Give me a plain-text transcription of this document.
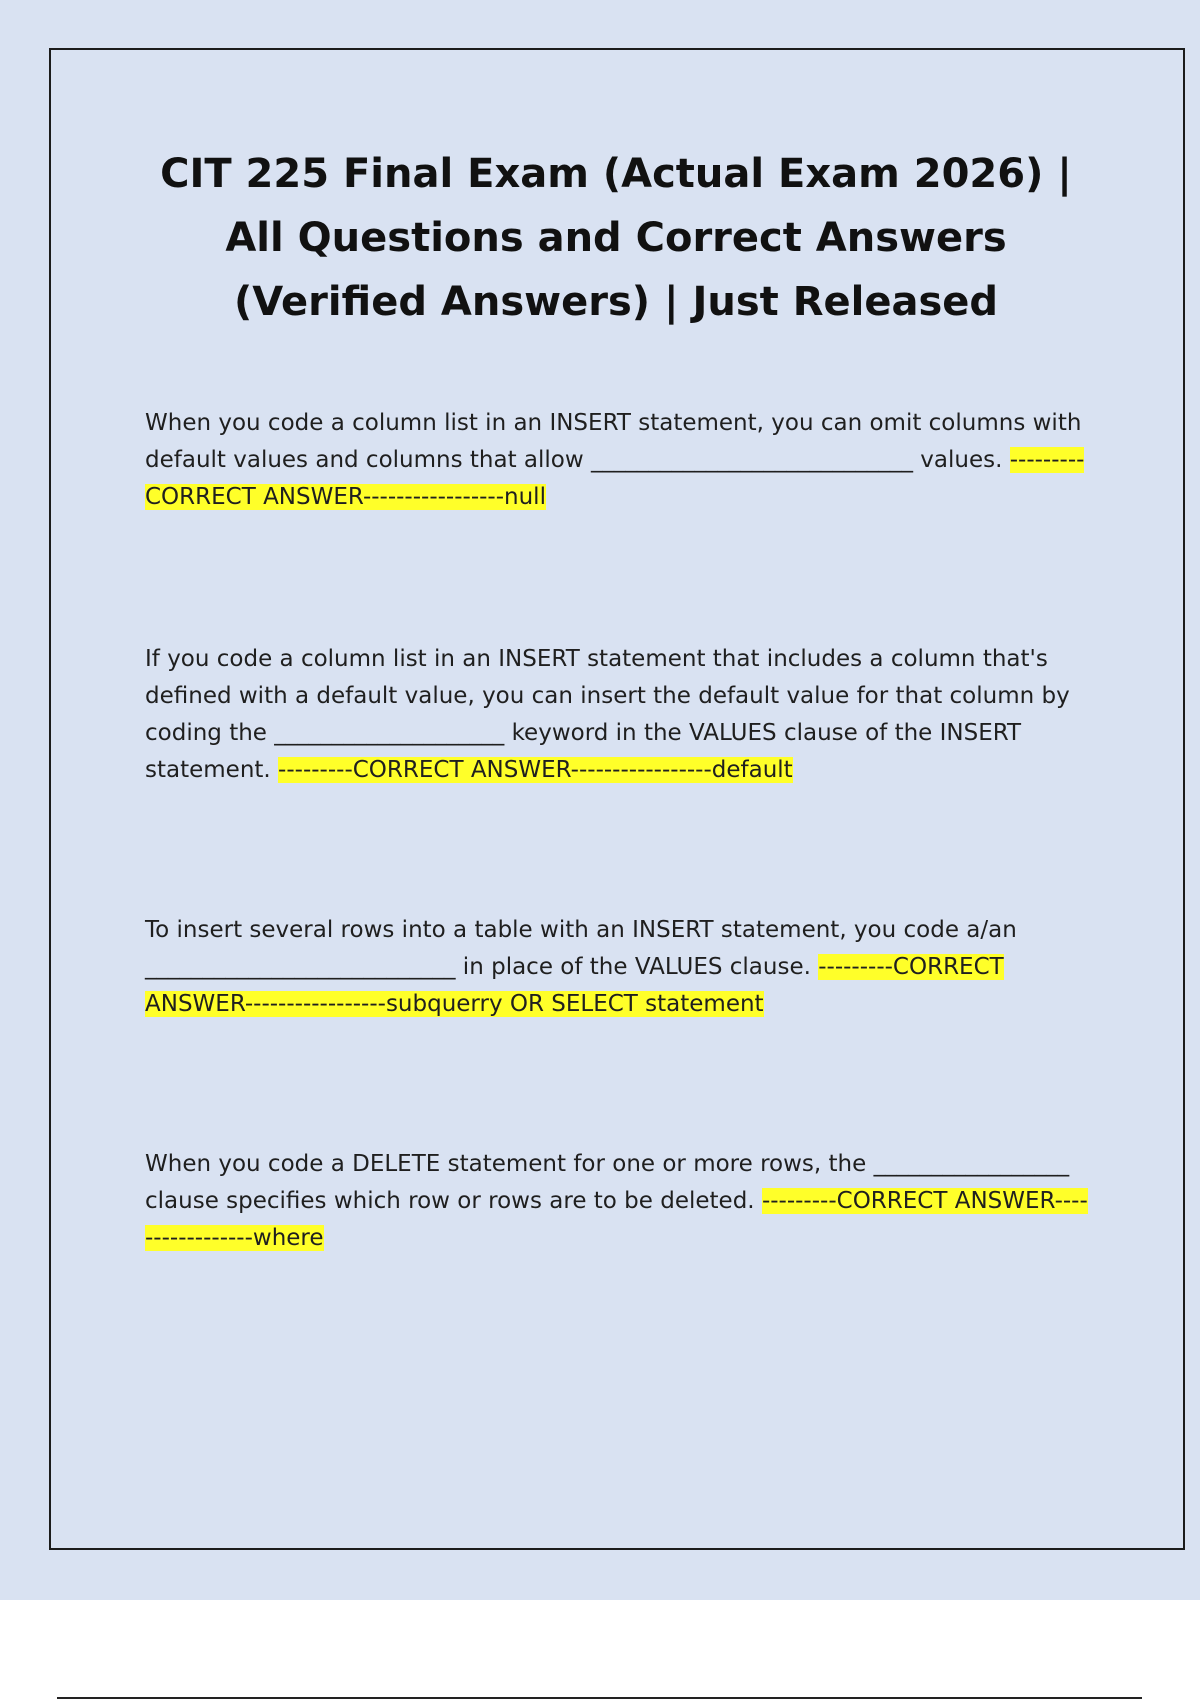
CIT 225 Final Exam (Actual Exam 2026) | All Questions and Correct Answers (Verified Answers) | Just Released

When you code a column list in an INSERT statement, you can omit columns with default values and columns that allow ____________________________ values. ---------CORRECT ANSWER-----------------null

If you code a column list in an INSERT statement that includes a column that's defined with a default value, you can insert the default value for that column by coding the ____________________ keyword in the VALUES clause of the INSERT statement. ---------CORRECT ANSWER-----------------default

To insert several rows into a table with an INSERT statement, you code a/an ___________________________ in place of the VALUES clause. ---------CORRECT ANSWER-----------------subquerry OR SELECT statement

When you code a DELETE statement for one or more rows, the _________________ clause specifies which row or rows are to be deleted. ---------CORRECT ANSWER-----------------where
